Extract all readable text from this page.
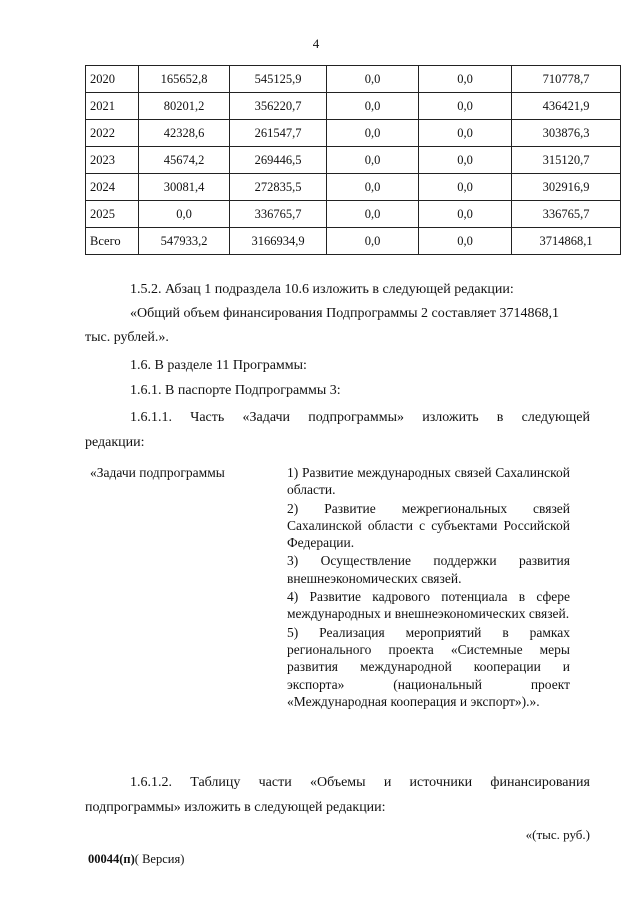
4
2020	165652,8	545125,9	0,0	0,0	710778,7
2021	80201,2	356220,7	0,0	0,0	436421,9
2022	42328,6	261547,7	0,0	0,0	303876,3
2023	45674,2	269446,5	0,0	0,0	315120,7
2024	30081,4	272835,5	0,0	0,0	302916,9
2025	0,0	336765,7	0,0	0,0	336765,7
Всего	547933,2	3166934,9	0,0	0,0	3714868,1

1.5.2. Абзац 1 подраздела 10.6 изложить в следующей редакции:

«Общий объем финансирования Подпрограммы 2 составляет 3714868,1

тыс. рублей.».

1.6. В разделе 11 Программы:

1.6.1. В паспорте Подпрограммы 3:

1.6.1.1. Часть «Задачи подпрограммы» изложить в следующей

редакции:

«Задачи подпрограммы	1) Развитие международных связей Сахалинской области.

2) Развитие межрегиональных связей Сахалинской области с субъектами Российской Федерации.

3) Осуществление поддержки развития внешнеэкономических связей.

4) Развитие кадрового потенциала в сфере международных и внешнеэкономических связей.

5) Реализация мероприятий в рамках регионального проекта «Системные меры развития международной кооперации и экспорта» (национальный проект «Международная кооперация и экспорт»).».

1.6.1.2. Таблицу части «Объемы и источники финансирования

подпрограммы» изложить в следующей редакции:

«(тыс. руб.)
00044(п)( Версия)
